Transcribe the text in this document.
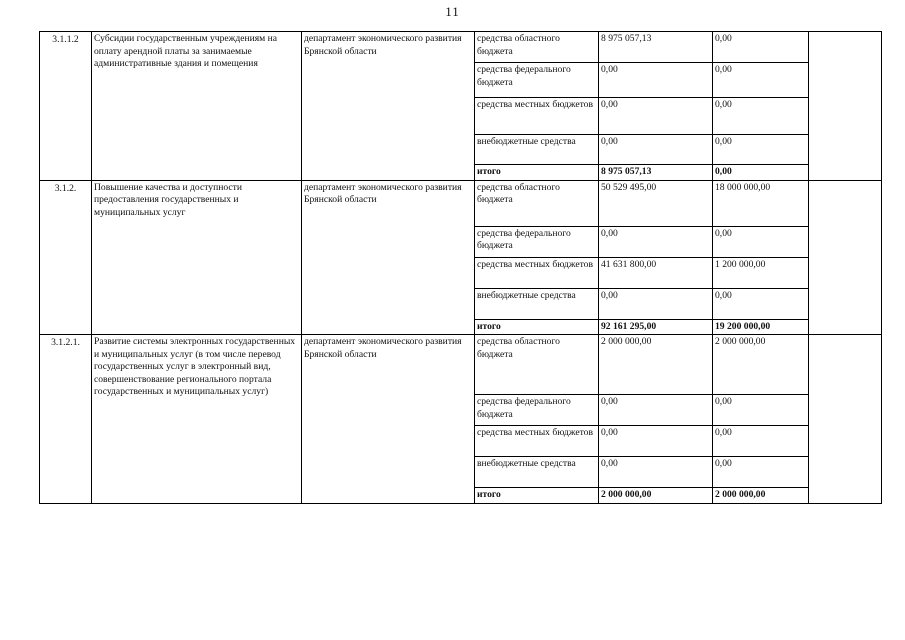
11
3.1.1.2	Субсидии государственным учреждениям на оплату арендной платы за занимаемые административные здания и помещения	департамент экономического развития Брянской области	средства областного бюджета	8 975 057,13	0,00	
			средства федерального бюджета	0,00	0,00	
			средства местных бюджетов	0,00	0,00	
			внебюджетные средства	0,00	0,00	
			итого	8 975 057,13	0,00	
3.1.2.	Повышение качества и доступности предоставления государственных и муниципальных услуг	департамент экономического развития Брянской области	средства областного бюджета	50 529 495,00	18 000 000,00	
			средства федерального бюджета	0,00	0,00	
			средства местных бюджетов	41 631 800,00	1 200 000,00	
			внебюджетные средства	0,00	0,00	
			итого	92 161 295,00	19 200 000,00	
3.1.2.1.	Развитие системы электронных государственных и муниципальных услуг (в том числе перевод государственных услуг в электронный вид, совершенствование регионального портала государственных и муниципальных услуг)	департамент экономического развития Брянской области	средства областного бюджета	2 000 000,00	2 000 000,00	
			средства федерального бюджета	0,00	0,00	
			средства местных бюджетов	0,00	0,00	
			внебюджетные средства	0,00	0,00	
			итого	2 000 000,00	2 000 000,00	
